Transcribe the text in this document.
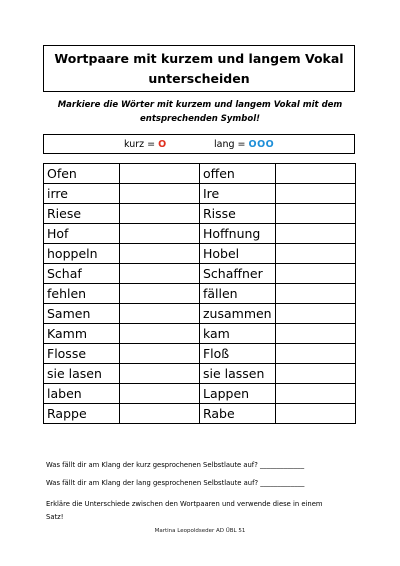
Wortpaare mit kurzem und langem Vokal
unterscheiden
Markiere die Wörter mit kurzem und langem Vokal mit dem
entsprechenden Symbol!
kurz = O	lang = OOO
Ofen		offen	
irre		Ire	
Riese		Risse	
Hof		Hoffnung	
hoppeln		Hobel	
Schaf		Schaffner	
fehlen		fällen	
Samen		zusammen	
Kamm		kam	
Flosse		Floß	
sie lasen		sie lassen	
laben		Lappen	
Rappe		Rabe	
Was fällt dir am Klang der kurz gesprochenen Selbstlaute auf? _____________
Was fällt dir am Klang der lang gesprochenen Selbstlaute auf? _____________
Erkläre die Unterschiede zwischen den Wortpaaren und verwende diese in einem
Satz!
Martina Leopoldseder AD ÜBL 51
